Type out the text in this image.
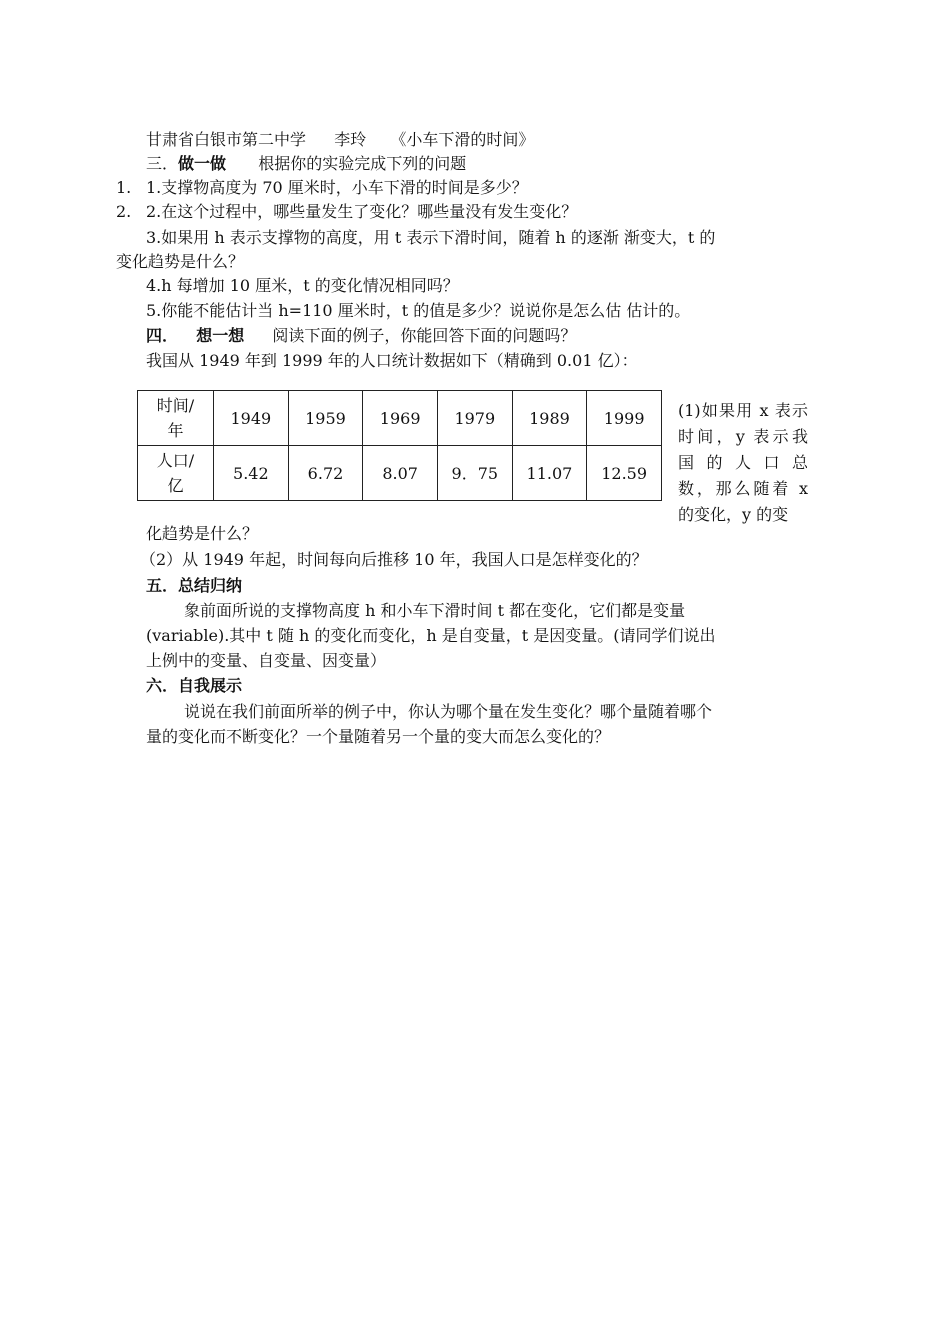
甘肃省白银市第二中学 李玲 《小车下滑的时间》
三．做一做 根据你的实验完成下列的问题
1. 1.支撑物高度为 70 厘米时，小车下滑的时间是多少？
2. 2.在这个过程中，哪些量发生了变化？哪些量没有发生变化？
3.如果用 h 表示支撑物的高度，用 t 表示下滑时间，随着 h 的逐渐 渐变大，t 的
变化趋势是什么？
4.h 每增加 10 厘米，t 的变化情况相同吗？
5.你能不能估计当 h=110 厘米时，t 的值是多少？说说你是怎么估 估计的。
四． 想一想 阅读下面的例子，你能回答下面的问题吗？
我国从 1949 年到 1999 年的人口统计数据如下（精确到 0.01 亿）：
时间/
年	1949	1959	1969	1979	1989	1999
人口/
亿	5.42	6.72	8.07	9．75	11.07	12.59
(1)如果用 x 表示时间，y 表示我 国 的 人 口 总 数，那么随着 x 的变化，y 的变
化趋势是什么？
（2）从 1949 年起，时间每向后推移 10 年，我国人口是怎样变化的？
五．总结归纳
象前面所说的支撑物高度 h 和小车下滑时间 t 都在变化，它们都是变量
(variable).其中 t 随 h 的变化而变化，h 是自变量，t 是因变量。(请同学们说出
上例中的变量、自变量、因变量）
六．自我展示
说说在我们前面所举的例子中，你认为哪个量在发生变化？哪个量随着哪个
量的变化而不断变化？一个量随着另一个量的变大而怎么变化的？
